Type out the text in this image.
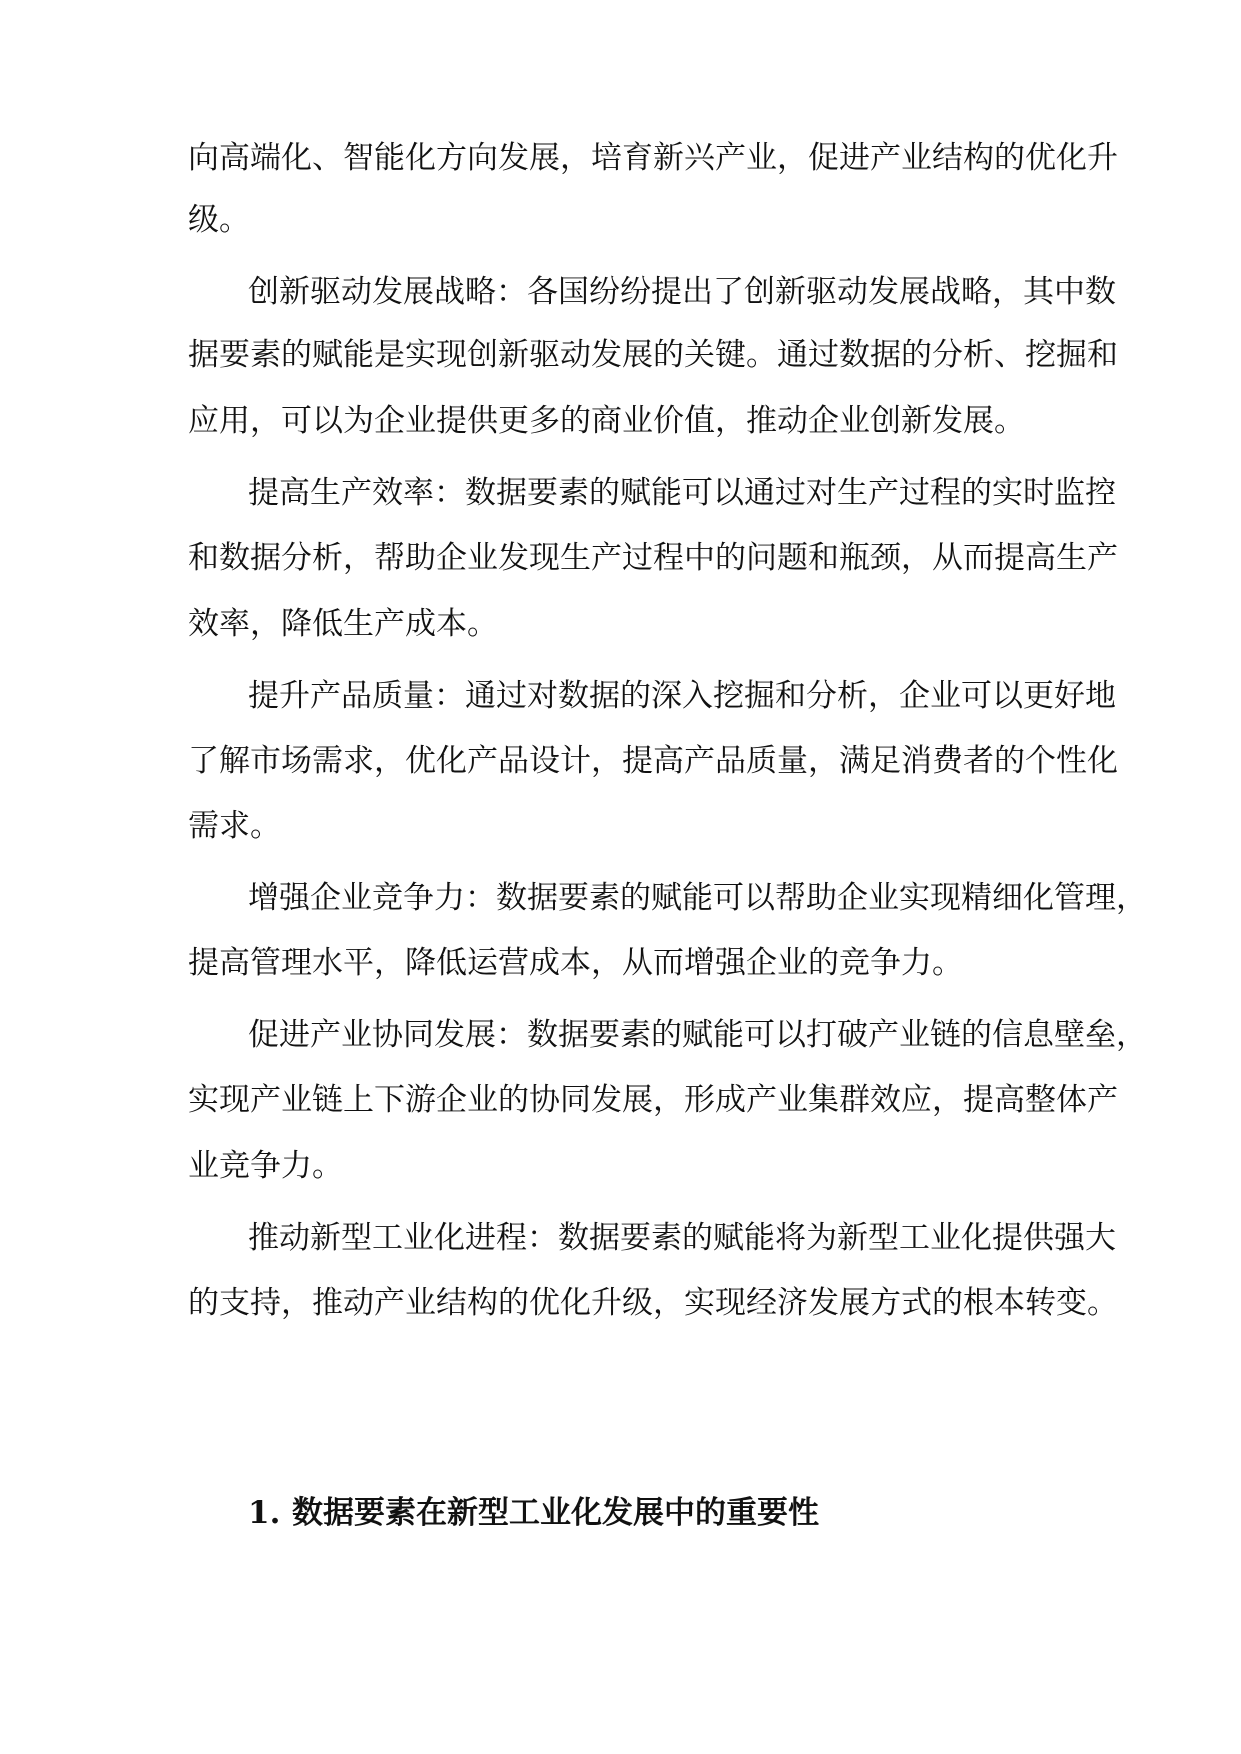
向高端化、智能化方向发展，培育新兴产业，促进产业结构的优化升
级。
创新驱动发展战略：各国纷纷提出了创新驱动发展战略，其中数
据要素的赋能是实现创新驱动发展的关键。通过数据的分析、挖掘和
应用，可以为企业提供更多的商业价值，推动企业创新发展。
提高生产效率：数据要素的赋能可以通过对生产过程的实时监控
和数据分析，帮助企业发现生产过程中的问题和瓶颈，从而提高生产
效率，降低生产成本。
提升产品质量：通过对数据的深入挖掘和分析，企业可以更好地
了解市场需求，优化产品设计，提高产品质量，满足消费者的个性化
需求。
增强企业竞争力：数据要素的赋能可以帮助企业实现精细化管理，
提高管理水平，降低运营成本，从而增强企业的竞争力。
促进产业协同发展：数据要素的赋能可以打破产业链的信息壁垒，
实现产业链上下游企业的协同发展，形成产业集群效应，提高整体产
业竞争力。
推动新型工业化进程：数据要素的赋能将为新型工业化提供强大
的支持，推动产业结构的优化升级，实现经济发展方式的根本转变。
1. 数据要素在新型工业化发展中的重要性
